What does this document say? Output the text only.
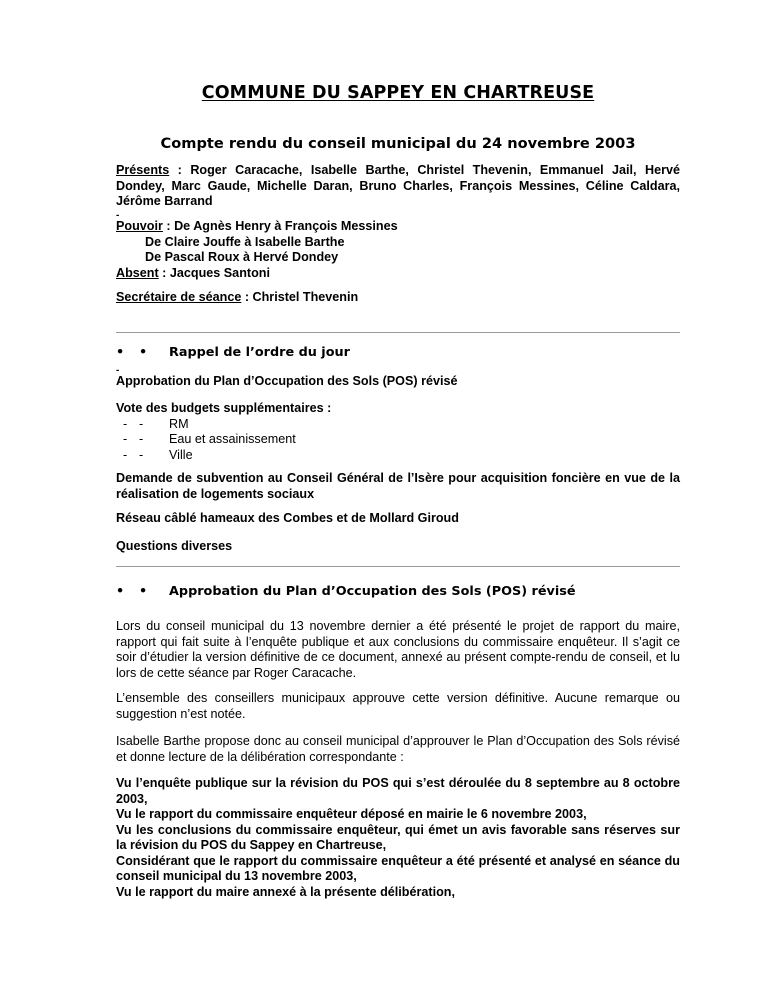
COMMUNE DU SAPPEY EN CHARTREUSE
Compte rendu du conseil municipal du 24 novembre 2003
Présents : Roger Caracache, Isabelle Barthe, Christel Thevenin, Emmanuel Jail, Hervé Dondey, Marc Gaude, Michelle Daran, Bruno Charles, François Messines, Céline Caldara, Jérôme Barrand
-
Pouvoir : De Agnès Henry à François Messines
De Claire Jouffe à Isabelle Barthe
De Pascal Roux à Hervé Dondey
Absent : Jacques Santoni
Secrétaire de séance : Christel Thevenin
• • Rappel de l’ordre du jour
-
Approbation du Plan d’Occupation des Sols (POS) révisé
Vote des budgets supplémentaires :
- - RM
- - Eau et assainissement
- - Ville
Demande de subvention au Conseil Général de l’Isère pour acquisition foncière en vue de la réalisation de logements sociaux
Réseau câblé hameaux des Combes et de Mollard Giroud
Questions diverses
• • Approbation du Plan d’Occupation des Sols (POS) révisé
Lors du conseil municipal du 13 novembre dernier a été présenté le projet de rapport du maire, rapport qui fait suite à l’enquête publique et aux conclusions du commissaire enquêteur. Il s’agit ce soir d’étudier la version définitive de ce document, annexé au présent compte-rendu de conseil, et lu lors de cette séance par Roger Caracache.
L’ensemble des conseillers municipaux approuve cette version définitive. Aucune remarque ou suggestion n’est notée.
Isabelle Barthe propose donc au conseil municipal d’approuver le Plan d’Occupation des Sols révisé et donne lecture de la délibération correspondante :
Vu l’enquête publique sur la révision du POS qui s’est déroulée du 8 septembre au 8 octobre 2003,
Vu le rapport du commissaire enquêteur déposé en mairie le 6 novembre 2003,
Vu les conclusions du commissaire enquêteur, qui émet un avis favorable sans réserves sur la révision du POS du Sappey en Chartreuse,
Considérant que le rapport du commissaire enquêteur a été présenté et analysé en séance du conseil municipal du 13 novembre 2003,
Vu le rapport du maire annexé à la présente délibération,
